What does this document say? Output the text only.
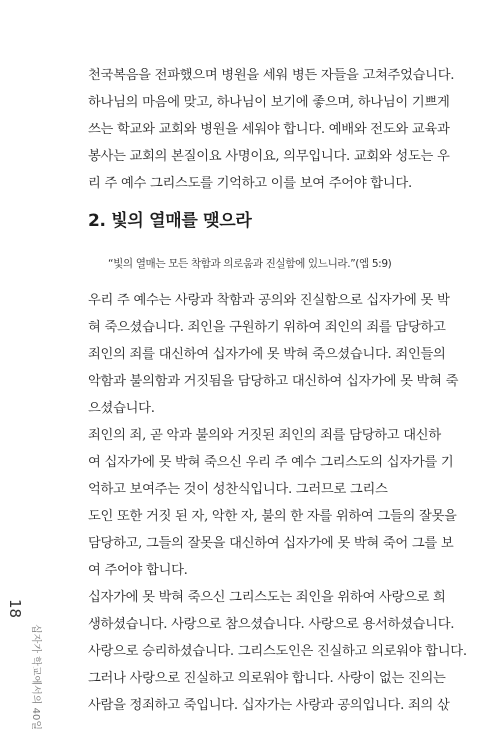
천국복음을 전파했으며 병원을 세워 병든 자들을 고쳐주었습니다.
하나님의 마음에 맞고, 하나님이 보기에 좋으며, 하나님이 기쁘게
쓰는 학교와 교회와 병원을 세워야 합니다. 예배와 전도와 교육과
봉사는 교회의 본질이요 사명이요, 의무입니다. 교회와 성도는 우
리 주 예수 그리스도를 기억하고 이를 보여 주어야 합니다.

2. 빛의 열매를 맺으라
“빛의 열매는 모든 착함과 의로움과 진실함에 있느니라.”(엡 5:9)

우리 주 예수는 사랑과 착함과 공의와 진실함으로 십자가에 못 박
혀 죽으셨습니다. 죄인을 구원하기 위하여 죄인의 죄를 담당하고
죄인의 죄를 대신하여 십자가에 못 박혀 죽으셨습니다. 죄인들의
악함과 불의함과 거짓됨을 담당하고 대신하여 십자가에 못 박혀 죽
으셨습니다.

죄인의 죄, 곧 악과 불의와 거짓된 죄인의 죄를 담당하고 대신하
여 십자가에 못 박혀 죽으신 우리 주 예수 그리스도의 십자가를 기
억하고 보여주는 것이 성찬식입니다. 그러므로 그리스
도인 또한 거짓 된 자, 악한 자, 불의 한 자를 위하여 그들의 잘못을
담당하고, 그들의 잘못을 대신하여 십자가에 못 박혀 죽어 그를 보
여 주어야 합니다.

십자가에 못 박혀 죽으신 그리스도는 죄인을 위하여 사랑으로 희
생하셨습니다. 사랑으로 참으셨습니다. 사랑으로 용서하셨습니다.
사랑으로 승리하셨습니다. 그리스도인은 진실하고 의로워야 합니다.

그러나 사랑으로 진실하고 의로워야 합니다. 사랑이 없는 진의는
사람을 정죄하고 죽입니다. 십자가는 사랑과 공의입니다. 죄의 삯

18
십자가 학교에서의 40일
